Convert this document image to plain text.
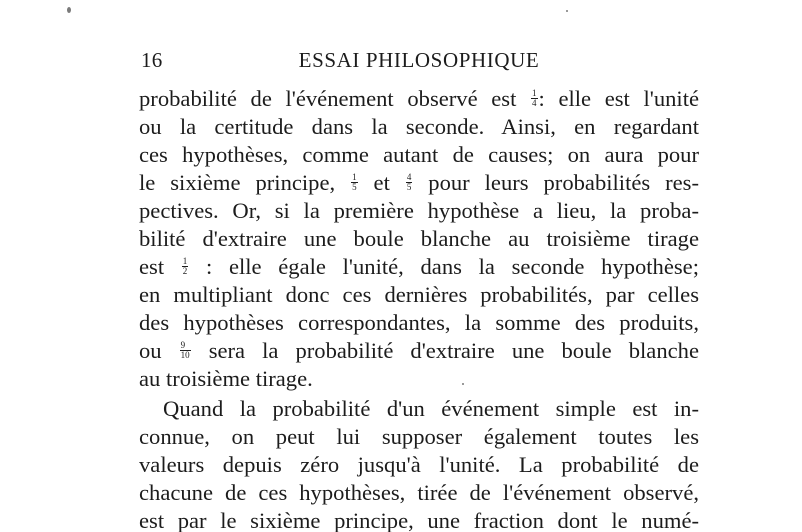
16	ESSAI PHILOSOPHIQUE
probabilité de l'événement observé est $\frac{1}{4}$ : elle est l'unité
ou la certitude dans la seconde. Ainsi, en regardant
ces hypothèses, comme autant de causes; on aura pour
le sixième principe, $\frac{1}{5}$ et $\frac{4}{5}$ pour leurs probabilités res-
pectives. Or, si la première hypothèse a lieu, la proba-
bilité d'extraire une boule blanche au troisième tirage
est $\frac{1}{2}$ : elle égale l'unité, dans la seconde hypothèse;
en multipliant donc ces dernières probabilités, par celles
des hypothèses correspondantes, la somme des produits,
ou $\frac{9}{10}$ sera la probabilité d'extraire une boule blanche
au troisième tirage.
Quand la probabilité d'un événement simple est in-
connue, on peut lui supposer également toutes les
valeurs depuis zéro jusqu'à l'unité. La probabilité de
chacune de ces hypothèses, tirée de l'événement observé,
est par le sixième principe, une fraction dont le numé-
